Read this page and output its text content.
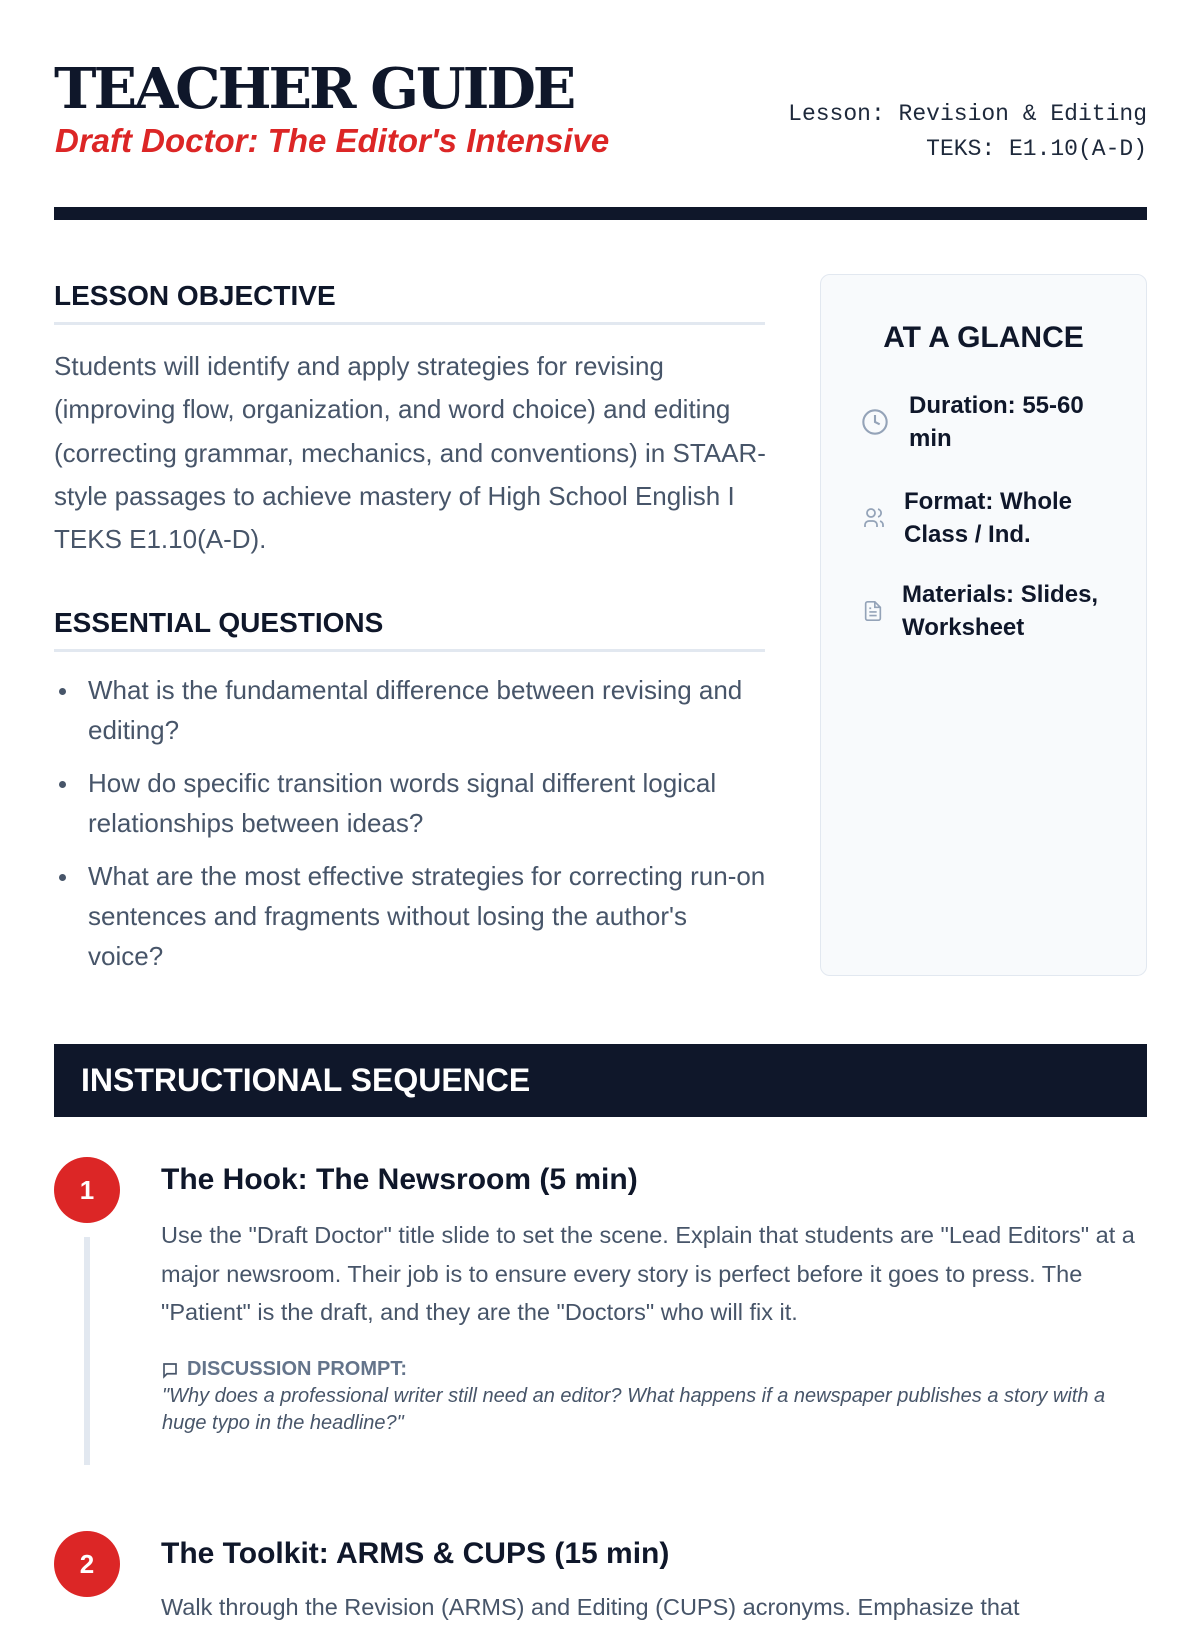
TEACHER GUIDE
Draft Doctor: The Editor's Intensive
Lesson: Revision & Editing
TEKS: E1.10(A-D)
LESSON OBJECTIVE
Students will identify and apply strategies for revising (improving flow, organization, and word choice) and editing (correcting grammar, mechanics, and conventions) in STAAR-style passages to achieve mastery of High School English I TEKS E1.10(A-D).
ESSENTIAL QUESTIONS
What is the fundamental difference between revising and editing?
How do specific transition words signal different logical relationships between ideas?
What are the most effective strategies for correcting run-on sentences and fragments without losing the author's voice?
AT A GLANCE
Duration: 55-60 min
Format: Whole Class / Ind.
Materials: Slides, Worksheet
INSTRUCTIONAL SEQUENCE
1	The Hook: The Newsroom (5 min)
Use the "Draft Doctor" title slide to set the scene. Explain that students are "Lead Editors" at a major newsroom. Their job is to ensure every story is perfect before it goes to press. The "Patient" is the draft, and they are the "Doctors" who will fix it.
DISCUSSION PROMPT:
"Why does a professional writer still need an editor? What happens if a newspaper publishes a story with a huge typo in the headline?"
2	The Toolkit: ARMS & CUPS (15 min)
Walk through the Revision (ARMS) and Editing (CUPS) acronyms. Emphasize that
